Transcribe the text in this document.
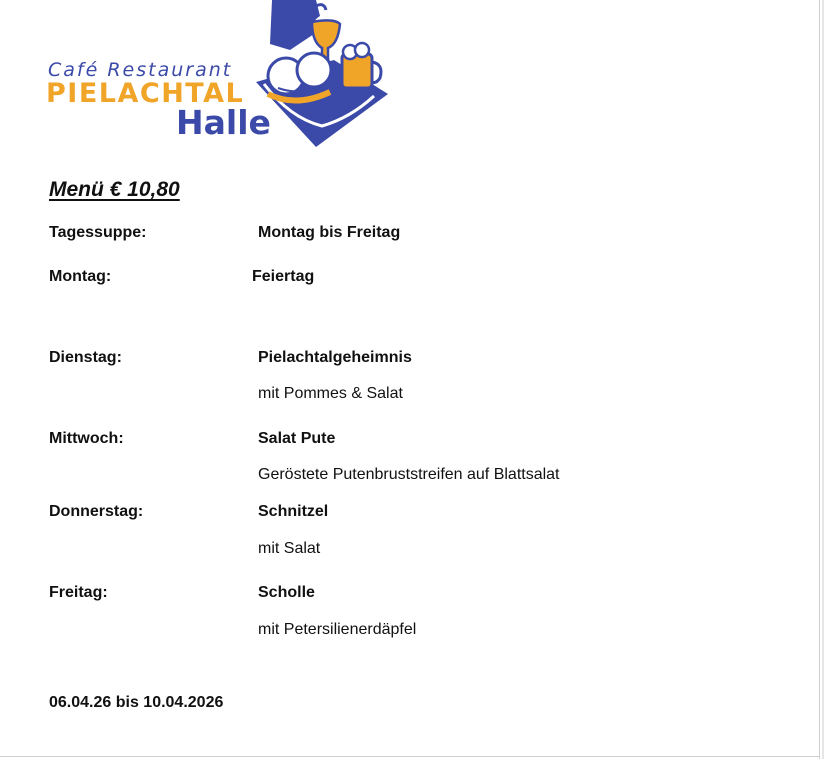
Café Restaurant
PIELACHTAL
Halle
Menü € 10,80
Tagessuppe:	Montag bis Freitag
Montag:	Feiertag
Dienstag:	Pielachtalgeheimnis
mit Pommes & Salat
Mittwoch:	Salat Pute
Geröstete Putenbruststreifen auf Blattsalat
Donnerstag:	Schnitzel
mit Salat
Freitag:	Scholle
mit Petersilienerdäpfel
06.04.26 bis 10.04.2026
